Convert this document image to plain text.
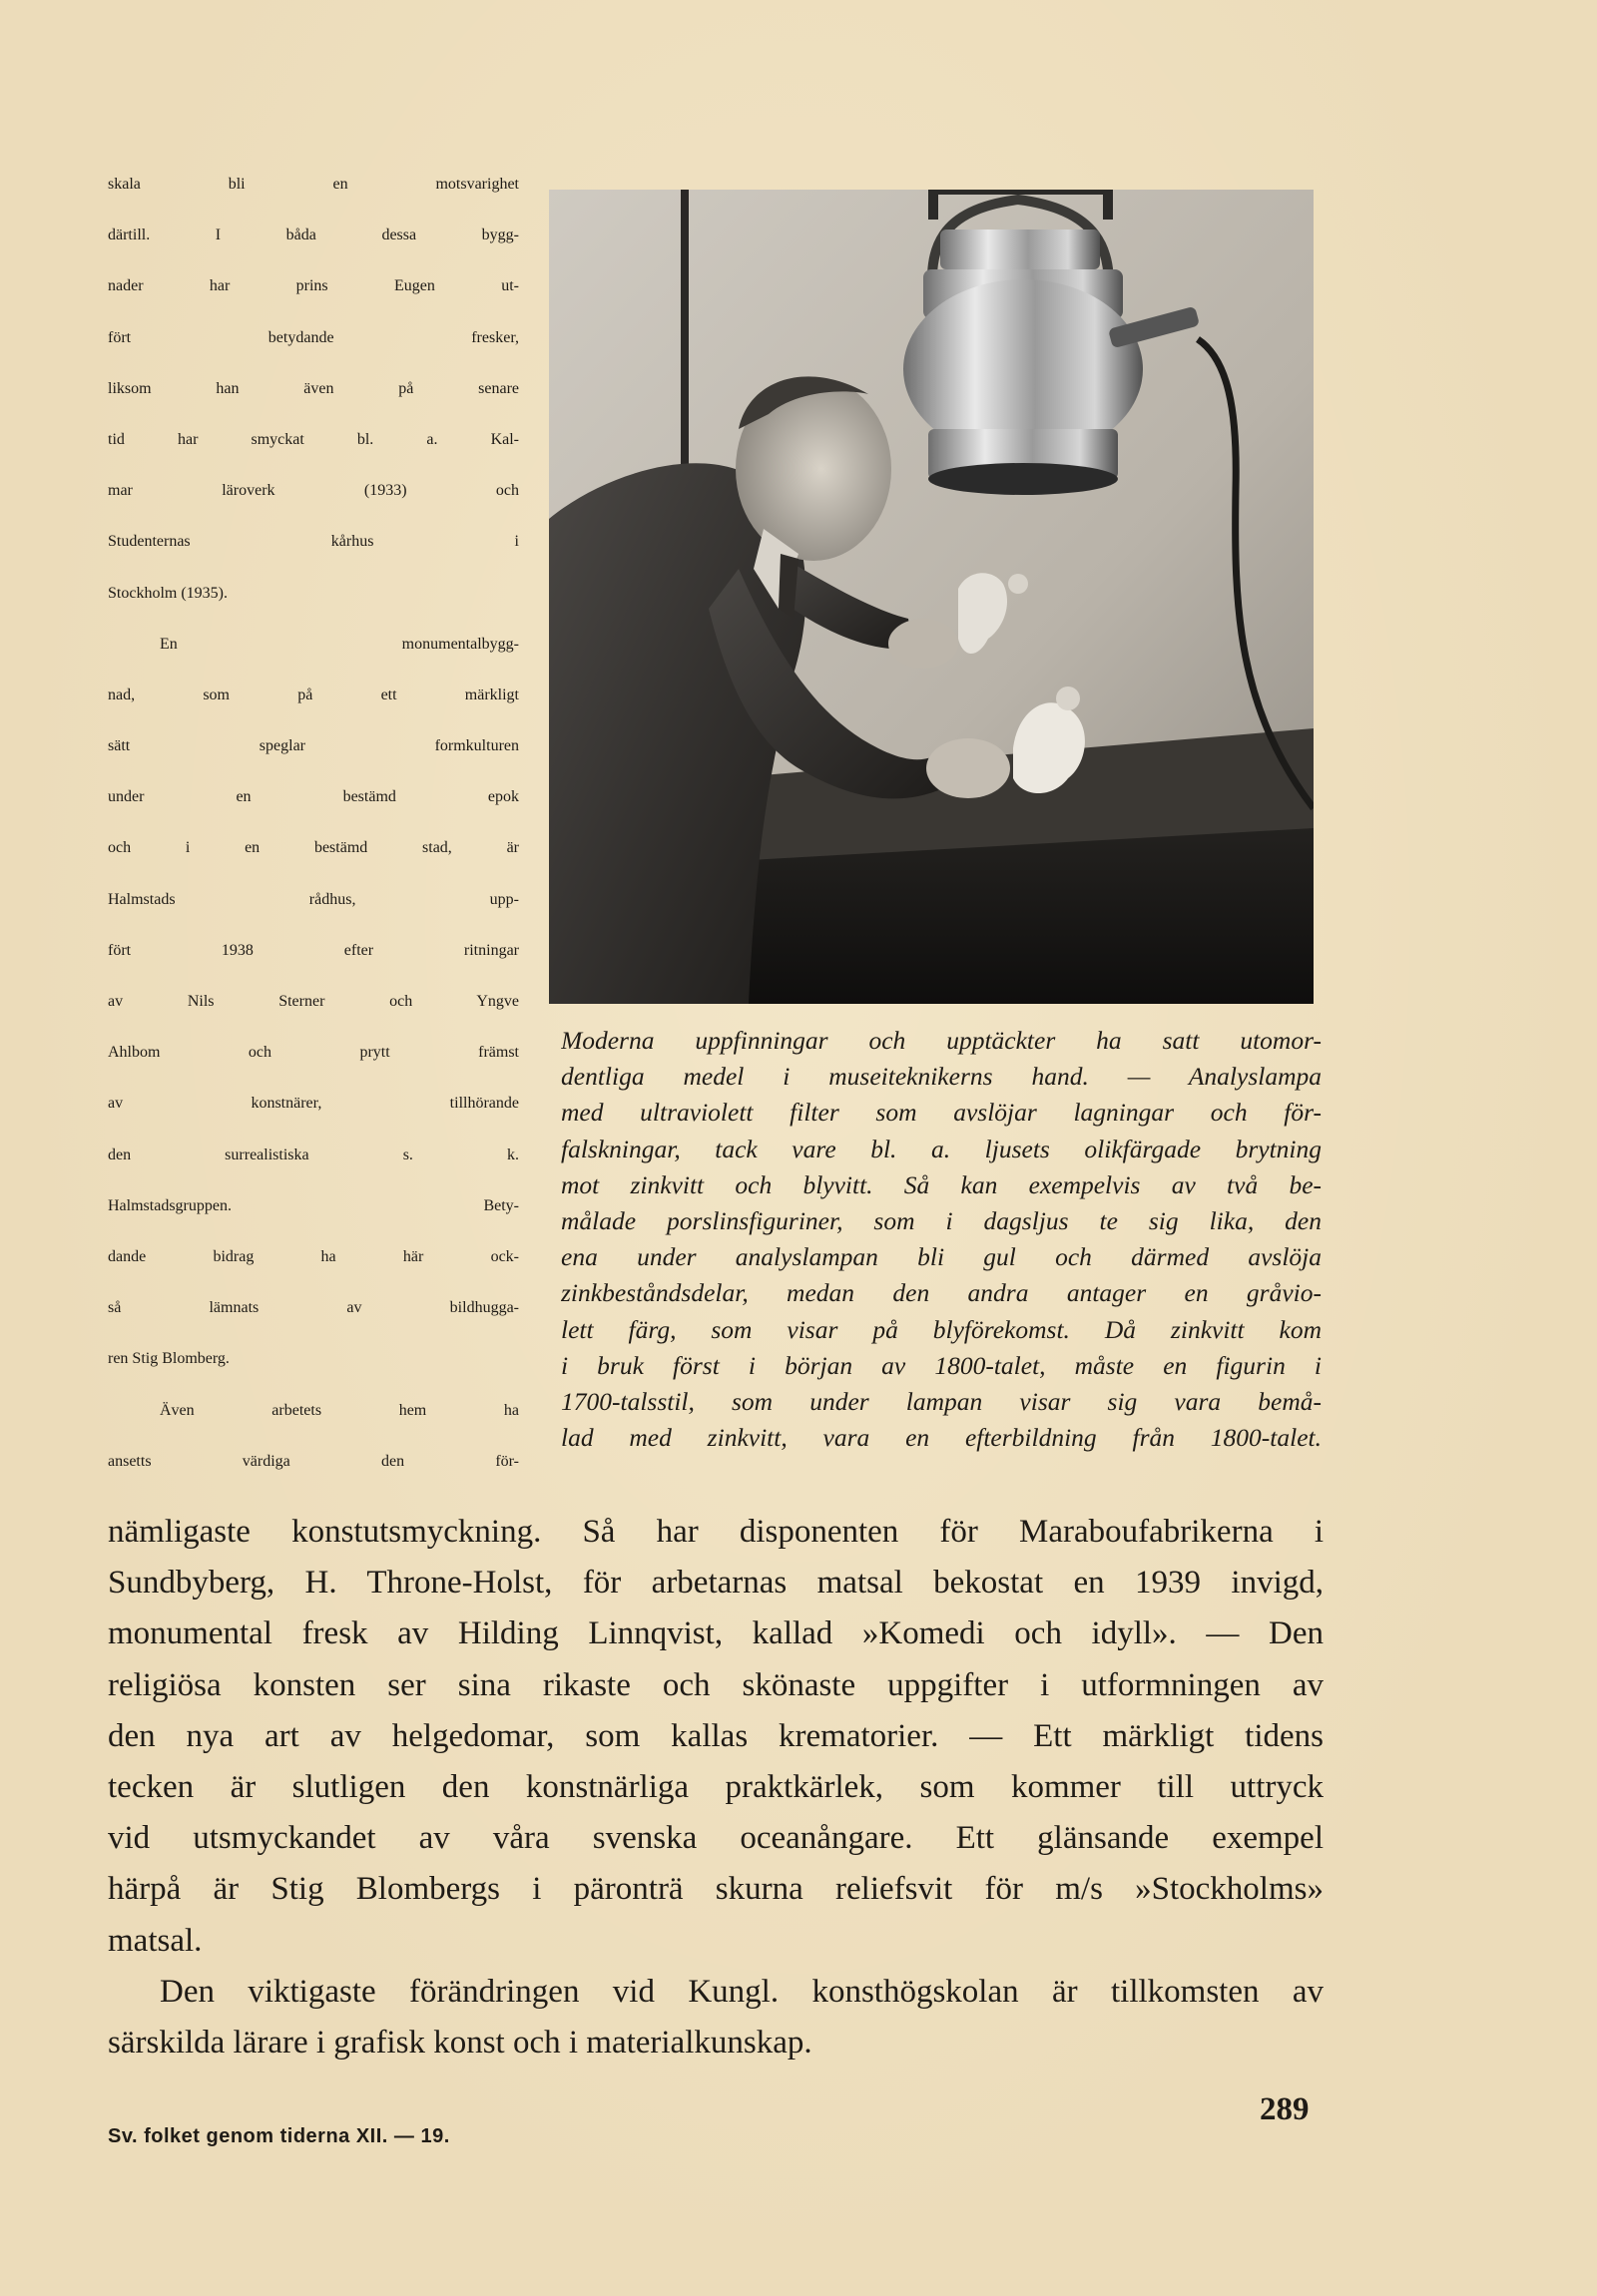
skala bli en motsvarighet
därtill. I båda dessa bygg-
nader har prins Eugen ut-
fört betydande fresker,
liksom han även på senare
tid har smyckat bl. a. Kal-
mar läroverk (1933) och
Studenternas kårhus i
Stockholm (1935).
En monumentalbygg-
nad, som på ett märkligt
sätt speglar formkulturen
under en bestämd epok
och i en bestämd stad, är
Halmstads rådhus, upp-
fört 1938 efter ritningar
av Nils Sterner och Yngve
Ahlbom och prytt främst
av konstnärer, tillhörande
den surrealistiska s. k.
Halmstadsgruppen. Bety-
dande bidrag ha här ock-
så lämnats av bildhugga-
ren Stig Blomberg.
Även arbetets hem ha
ansetts värdiga den för-
Moderna uppfinningar och upptäckter ha satt utomor-
dentliga medel i museiteknikerns hand. — Analyslampa
med ultraviolett filter som avslöjar lagningar och för-
falskningar, tack vare bl. a. ljusets olikfärgade brytning
mot zinkvitt och blyvitt. Så kan exempelvis av två be-
målade porslinsfiguriner, som i dagsljus te sig lika, den
ena under analyslampan bli gul och därmed avslöja
zinkbeståndsdelar, medan den andra antager en gråvio-
lett färg, som visar på blyförekomst. Då zinkvitt kom
i bruk först i början av 1800-talet, måste en figurin i
1700-talsstil, som under lampan visar sig vara bemå-
lad med zinkvitt, vara en efterbildning från 1800-talet.
nämligaste konstutsmyckning. Så har disponenten för Maraboufabrikerna i
Sundbyberg, H. Throne-Holst, för arbetarnas matsal bekostat en 1939 invigd,
monumental fresk av Hilding Linnqvist, kallad »Komedi och idyll». — Den
religiösa konsten ser sina rikaste och skönaste uppgifter i utformningen av
den nya art av helgedomar, som kallas krematorier. — Ett märkligt tidens
tecken är slutligen den konstnärliga praktkärlek, som kommer till uttryck
vid utsmyckandet av våra svenska oceanångare. Ett glänsande exempel
härpå är Stig Blombergs i päronträ skurna reliefsvit för m/s »Stockholms»
matsal.
Den viktigaste förändringen vid Kungl. konsthögskolan är tillkomsten av
särskilda lärare i grafisk konst och i materialkunskap.
289
Sv. folket genom tiderna XII. — 19.
